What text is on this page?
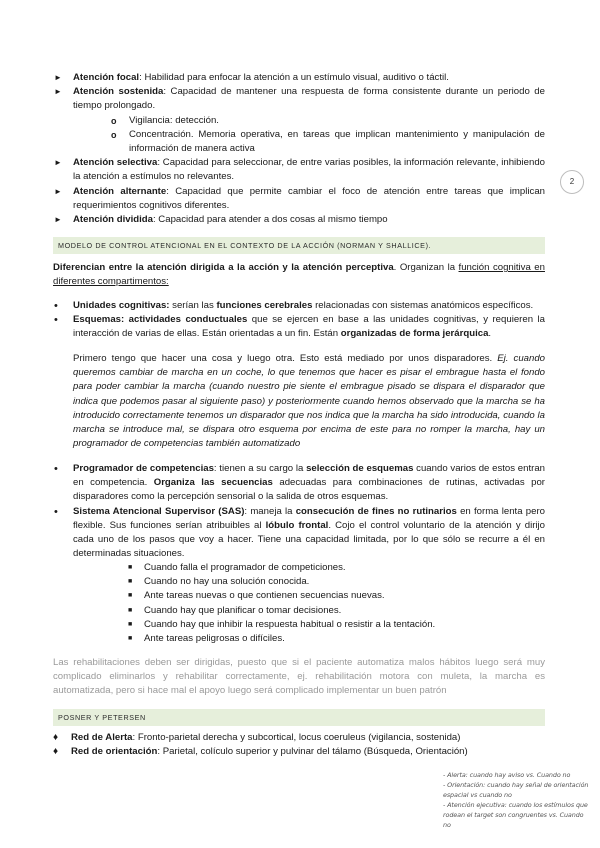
2
► Atención focal: Habilidad para enfocar la atención a un estímulo visual, auditivo o táctil.
► Atención sostenida: Capacidad de mantener una respuesta de forma consistente durante un periodo de tiempo prolongado.
o Vigilancia: detección.
o Concentración. Memoria operativa, en tareas que implican mantenimiento y manipulación de información de manera activa
► Atención selectiva: Capacidad para seleccionar, de entre varias posibles, la información relevante, inhibiendo la atención a estímulos no relevantes.
► Atención alternante: Capacidad que permite cambiar el foco de atención entre tareas que implican requerimientos cognitivos diferentes.
► Atención dividida: Capacidad para atender a dos cosas al mismo tiempo
MODELO DE CONTROL ATENCIONAL EN EL CONTEXTO DE LA ACCIÓN (NORMAN Y SHALLICE).
Diferencian entre la atención dirigida a la acción y la atención perceptiva. Organizan la función cognitiva en diferentes compartimentos:
• Unidades cognitivas: serían las funciones cerebrales relacionadas con sistemas anatómicos específicos.
• Esquemas: actividades conductuales que se ejercen en base a las unidades cognitivas, y requieren la interacción de varias de ellas. Están orientadas a un fin. Están organizadas de forma jerárquica.
Primero tengo que hacer una cosa y luego otra. Esto está mediado por unos disparadores. Ej. cuando queremos cambiar de marcha en un coche, lo que tenemos que hacer es pisar el embrague hasta el fondo para poder cambiar la marcha (cuando nuestro pie siente el embrague pisado se dispara el disparador que indica que podemos pasar al siguiente paso) y posteriormente cuando hemos observado que la marcha se ha introducido correctamente tenemos un disparador que nos indica que la marcha ha sido introducida, cuando la marcha se introduce mal, se dispara otro esquema por encima de este para no romper la marcha, hay un programador de competencias también automatizado
• Programador de competencias: tienen a su cargo la selección de esquemas cuando varios de estos entran en competencia. Organiza las secuencias adecuadas para combinaciones de rutinas, activadas por disparadores como la percepción sensorial o la salida de otros esquemas.
• Sistema Atencional Supervisor (SAS): maneja la consecución de fines no rutinarios en forma lenta pero flexible. Sus funciones serían atribuibles al lóbulo frontal. Cojo el control voluntario de la atención y dirijo cada uno de los pasos que voy a hacer. Tiene una capacidad limitada, por lo que sólo se recurre a él en determinadas situaciones.
■ Cuando falla el programador de competiciones.
■ Cuando no hay una solución conocida.
■ Ante tareas nuevas o que contienen secuencias nuevas.
■ Cuando hay que planificar o tomar decisiones.
■ Cuando hay que inhibir la respuesta habitual o resistir a la tentación.
■ Ante tareas peligrosas o difíciles.
Las rehabilitaciones deben ser dirigidas, puesto que si el paciente automatiza malos hábitos luego será muy complicado eliminarlos y rehabilitar correctamente, ej. rehabilitación motora con muleta, la marcha es automatizada, pero si hace mal el apoyo luego será complicado implementar un buen patrón
POSNER Y PETERSEN
♦ Red de Alerta: Fronto-parietal derecha y subcortical, locus coeruleus (vigilancia, sostenida)
♦ Red de orientación: Parietal, colículo superior y pulvinar del tálamo (Búsqueda, Orientación)
- Alerta: cuando hay aviso vs. Cuando no
- Orientación: cuando hay señal de orientación espacial vs cuando no
- Atención ejecutiva: cuando los estímulos que rodean el target son congruentes vs. Cuando no
